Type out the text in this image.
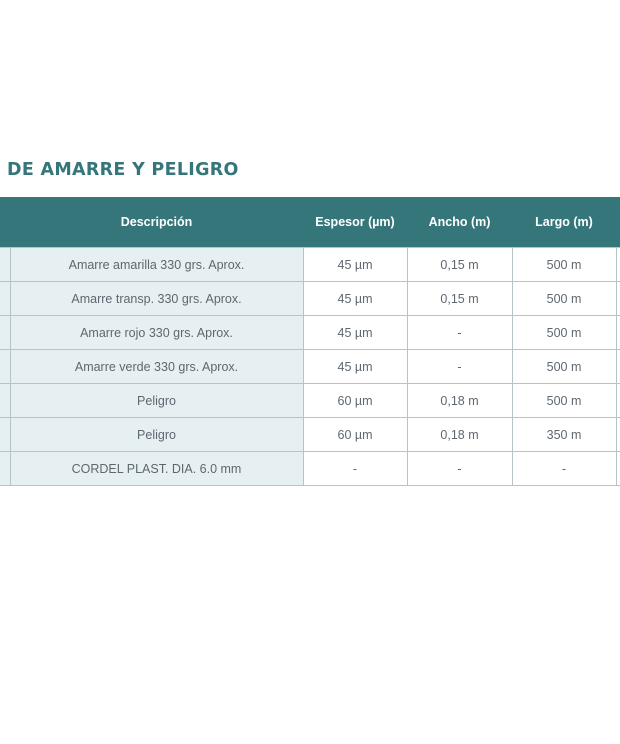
DE AMARRE Y PELIGRO
	Descripción	Espesor (µm)	Ancho (m)	Largo (m)	
	Amarre amarilla 330 grs. Aprox.	45 µm	0,15 m	500 m	
	Amarre transp. 330 grs. Aprox.	45 µm	0,15 m	500 m	
	Amarre rojo 330 grs. Aprox.	45 µm	-	500 m	
	Amarre verde 330 grs. Aprox.	45 µm	-	500 m	
	Peligro	60 µm	0,18 m	500 m	
	Peligro	60 µm	0,18 m	350 m	
	CORDEL PLAST. DIA. 6.0 mm	-	-	-	
